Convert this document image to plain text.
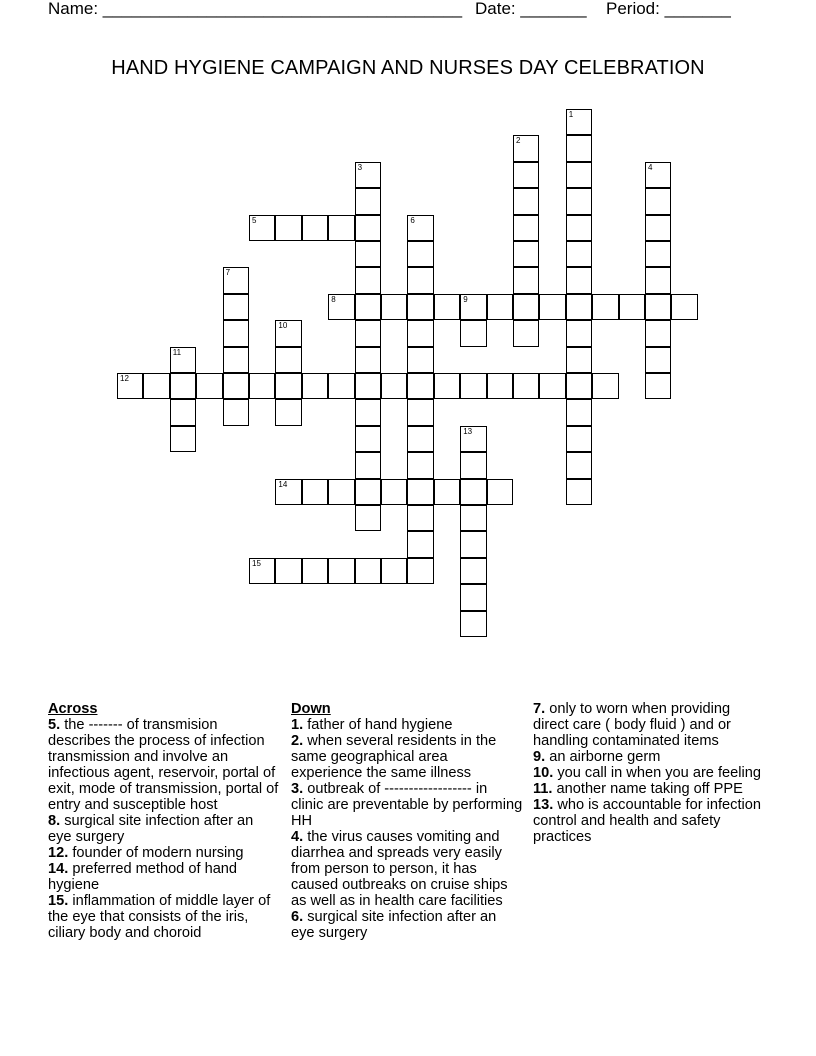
Name: ______________________________________ Date: _______ Period: _______
HAND HYGIENE CAMPAIGN AND NURSES DAY CELEBRATION
5
8	9
12
14
15
1
2
3	4
6
7
10
11
13
Across

5. the ------- of transmision describes the process of infection transmission and involve an infectious agent, reservoir, portal of exit, mode of transmission, portal of entry and susceptible host

8. surgical site infection after an eye surgery

12. founder of modern nursing

14. preferred method of hand hygiene

15. inflammation of middle layer of the eye that consists of the iris, ciliary body and choroid

Down

1. father of hand hygiene

2. when several residents in the same geographical area experience the same illness

3. outbreak of ------------------ in clinic are preventable by performing HH

4. the virus causes vomiting and diarrhea and spreads very easily from person to person, it has caused outbreaks on cruise ships as well as in health care facilities

6. surgical site infection after an eye surgery

7. only to worn when providing direct care ( body fluid ) and or handling contaminated items

9. an airborne germ

10. you call in when you are feeling

11. another name taking off PPE

13. who is accountable for infection control and health and safety practices
